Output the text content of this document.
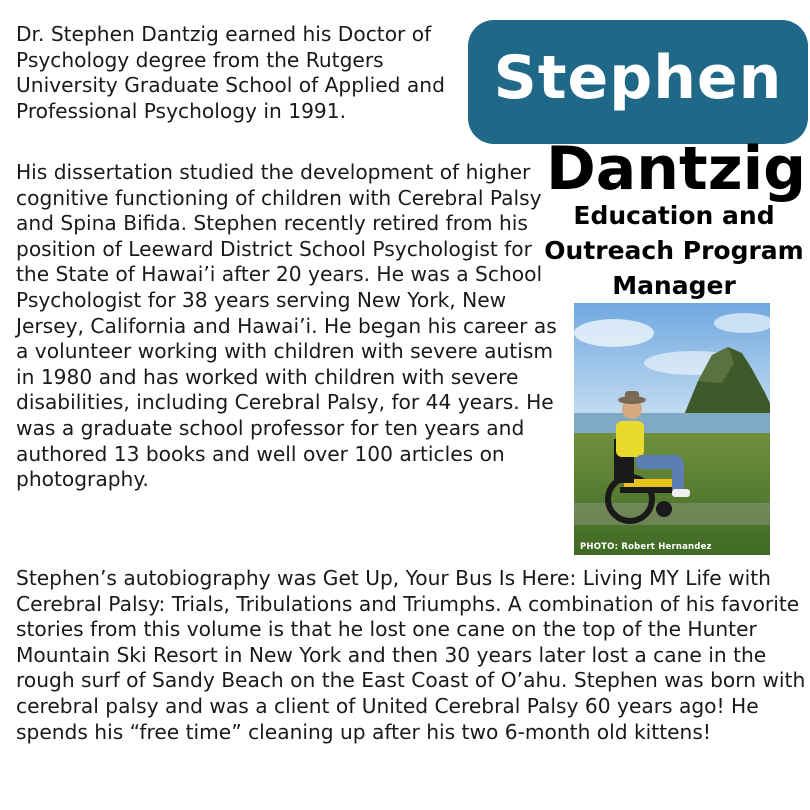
Dr. Stephen Dantzig earned his Doctor of Psychology degree from the Rutgers University Graduate School of Applied and Professional Psychology in 1991.

His dissertation studied the development of higher cognitive functioning of children with Cerebral Palsy and Spina Bifida. Stephen recently retired from his position of Leeward District School Psychologist for the State of Hawai’i after 20 years. He was a School Psychologist for 38 years serving New York, New Jersey, California and Hawai’i. He began his career as a volunteer working with children with severe autism in 1980 and has worked with children with severe disabilities, including Cerebral Palsy, for 44 years. He was a graduate school professor for ten years and authored 13 books and well over 100 articles on photography.

Stephen’s autobiography was Get Up, Your Bus Is Here: Living MY Life with Cerebral Palsy: Trials, Tribulations and Triumphs. A combination of his favorite stories from this volume is that he lost one cane on the top of the Hunter Mountain Ski Resort in New York and then 30 years later lost a cane in the rough surf of Sandy Beach on the East Coast of O’ahu. Stephen was born with cerebral palsy and was a client of United Cerebral Palsy 60 years ago! He spends his “free time” cleaning up after his two 6-month old kittens!

Stephen
Dantzig
Education and Outreach Program Manager
PHOTO: Robert Hernandez
